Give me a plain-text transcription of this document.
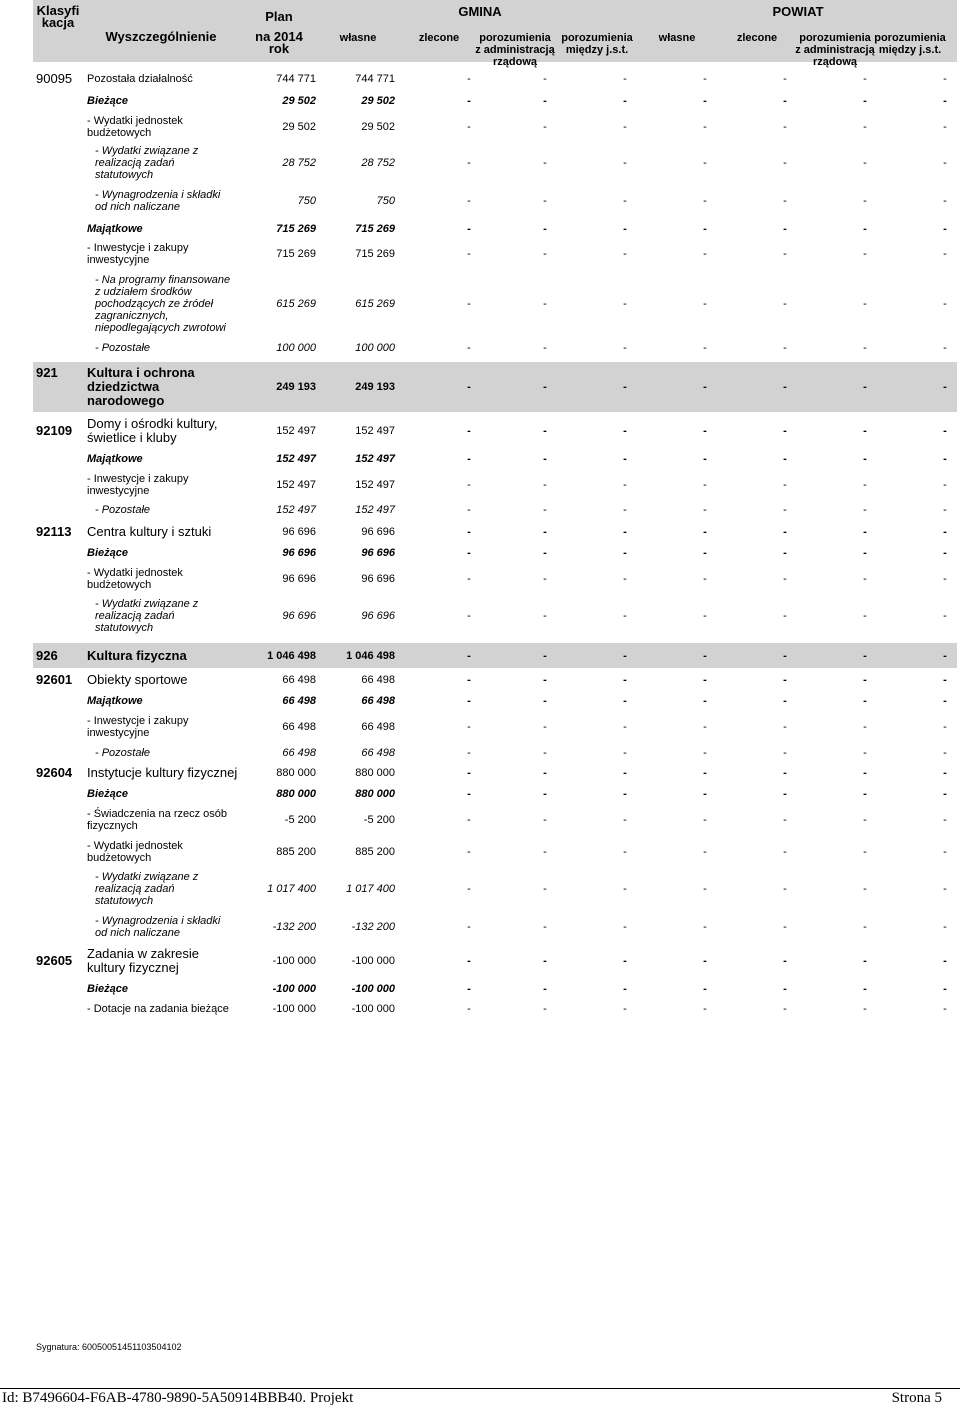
Klasyfi
kacja
Wyszczególnienie
Plan
na 2014 rok
GMINA	POWIAT
własne	zlecone	porozumienia
z administracją
rządową
porozumienia
między j.s.t.
własne	zlecone	porozumienia
z administracją
rządową
porozumienia
między j.s.t.
90095	Pozostała działalność	744 771	744 771	-	-	-	-	-	-	-
Bieżące	29 502	29 502	-	-	-	-	-	-	-
- Wydatki jednostek
budżetowych	29 502	29 502	-	-	-	-	-	-	-
- Wydatki związane z
realizacją zadań
statutowych
28 752	28 752	-	-	-	-	-	-	-
- Wynagrodzenia i składki
od nich naliczane	750	750	-	-	-	-	-	-	-
Majątkowe	715 269	715 269	-	-	-	-	-	-	-
- Inwestycje i zakupy
inwestycyjne	715 269	715 269	-	-	-	-	-	-	-
- Na programy finansowane
z udziałem środków
pochodzących ze źródeł
zagranicznych,
niepodlegających zwrotowi
615 269	615 269	-	-	-	-	-	-	-
- Pozostałe	100 000	100 000	-	-	-	-	-	-	-
921	Kultura i ochrona
dziedzictwa
narodowego
249 193	249 193	-	-	-	-	-	-	-
92109 Domy i ośrodki kultury,
świetlice i kluby	152 497	152 497	-	-	-	-	-	-	-
Majątkowe	152 497	152 497	-	-	-	-	-	-	-
- Inwestycje i zakupy
inwestycyjne	152 497	152 497	-	-	-	-	-	-	-
- Pozostałe	152 497	152 497	-	-	-	-	-	-	-
92113	Centra kultury i sztuki	96 696	96 696	-	-	-	-	-	-	-
Bieżące	96 696	96 696	-	-	-	-	-	-	-
- Wydatki jednostek
budżetowych	96 696	96 696	-	-	-	-	-	-	-
- Wydatki związane z
realizacją zadań
statutowych
96 696	96 696	-	-	-	-	-	-	-
926	Kultura fizyczna	1 046 498	1 046 498	-	-	-	-	-	-	-
92601 Obiekty sportowe	66 498	66 498	-	-	-	-	-	-	-
Majątkowe	66 498	66 498	-	-	-	-	-	-	-
- Inwestycje i zakupy
inwestycyjne	66 498	66 498	-	-	-	-	-	-	-
- Pozostałe	66 498	66 498	-	-	-	-	-	-	-
92604 Instytucje kultury fizycznej	880 000	880 000	-	-	-	-	-	-	-
Bieżące	880 000	880 000	-	-	-	-	-	-	-
- Świadczenia na rzecz osób
fizycznych	-5 200	-5 200	-	-	-	-	-	-	-
- Wydatki jednostek
budżetowych	885 200	885 200	-	-	-	-	-	-	-
- Wydatki związane z
realizacją zadań
statutowych
1 017 400	1 017 400	-	-	-	-	-	-	-
- Wynagrodzenia i składki
od nich naliczane	-132 200	-132 200	-	-	-	-	-	-	-
92605 Zadania w zakresie
kultury fizycznej	-100 000	-100 000	-	-	-	-	-	-	-
Bieżące	-100 000	-100 000	-	-	-	-	-	-	-
- Dotacje na zadania bieżące	-100 000	-100 000	-	-	-	-	-	-	-
Sygnatura: 60050051451103504102
Id: B7496604-F6AB-4780-9890-5A50914BBB40. Projekt	Strona 5
